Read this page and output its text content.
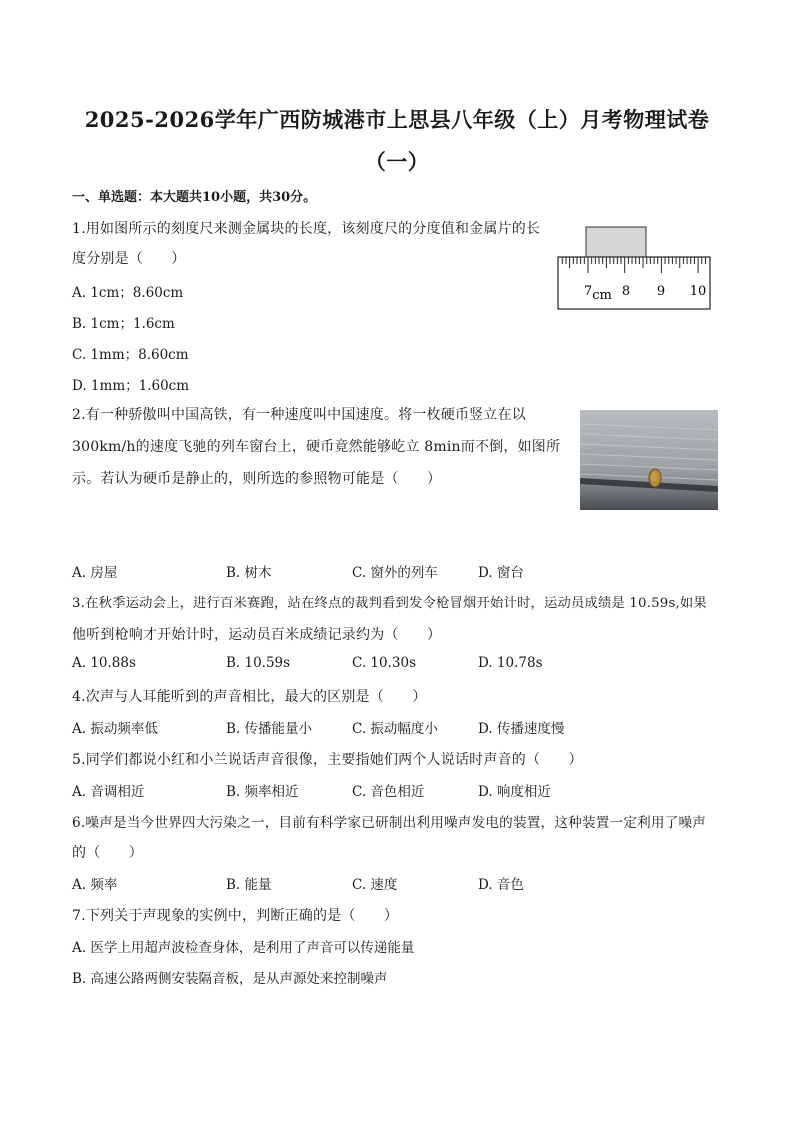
2025-2026学年广西防城港市上思县八年级（上）月考物理试卷
（一）
一、单选题：本大题共10小题，共30分。
1.用如图所示的刻度尺来测金属块的长度，该刻度尺的分度值和金属片的长
度分别是（　　）
A. 1cm；8.60cm
B. 1cm；1.6cm
C. 1mm；8.60cm
D. 1mm；1.60cm
7 8 9 10
cm
2.有一种骄傲叫中国高铁，有一种速度叫中国速度。将一枚硬币竖立在以
300km/h的速度飞驰的列车窗台上，硬币竟然能够屹立 8min而不倒，如图所
示。若认为硬币是静止的，则所选的参照物可能是（　　）
A. 房屋	B. 树木	C. 窗外的列车	D. 窗台
3.在秋季运动会上，进行百米赛跑，站在终点的裁判看到发令枪冒烟开始计时，运动员成绩是 10.59s,如果
他听到枪响才开始计时，运动员百米成绩记录约为（　　）
A. 10.88s	B. 10.59s	C. 10.30s	D. 10.78s
4.次声与人耳能听到的声音相比，最大的区别是（　　）
A. 振动频率低	B. 传播能量小	C. 振动幅度小	D. 传播速度慢
5.同学们都说小红和小兰说话声音很像，主要指她们两个人说话时声音的（　　）
A. 音调相近	B. 频率相近	C. 音色相近	D. 响度相近
6.噪声是当今世界四大污染之一，目前有科学家已研制出利用噪声发电的装置，这种装置一定利用了噪声
的（　　）
A. 频率	B. 能量	C. 速度	D. 音色
7.下列关于声现象的实例中，判断正确的是（　　）
A. 医学上用超声波检查身体，是利用了声音可以传递能量
B. 高速公路两侧安装隔音板，是从声源处来控制噪声
